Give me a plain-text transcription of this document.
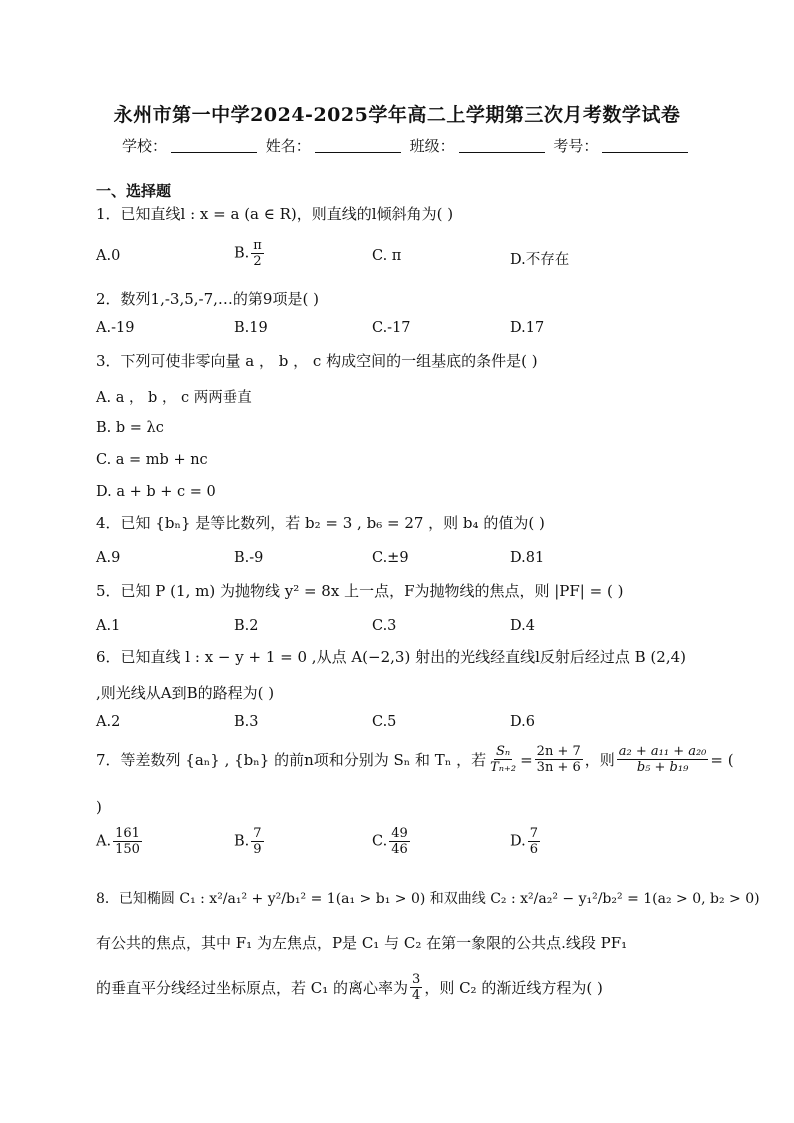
永州市第一中学2024-2025学年高二上学期第三次月考数学试卷
学校：	姓名：	班级：	考号：
一、选择题
1．已知直线l : x = a (a ∈ R)，则直线的l倾斜角为( )
A.0	B. $\frac{\pi}{2}$	C. π	D.不存在
2．数列1,-3,5,-7,…的第9项是( )
A.-19	B.19	C.-17	D.17
3．下列可使非零向量 a ， b ， c 构成空间的一组基底的条件是( )
A. a ， b ， c 两两垂直
B. b = λc
C. a = mb + nc
D. a + b + c = 0
4．已知 {bₙ} 是等比数列，若 b₂ = 3 , b₆ = 27 ，则 b₄ 的值为( )
A.9	B.-9	C.±9	D.81
5．已知 P (1, m) 为抛物线 y² = 8x 上一点，F为抛物线的焦点，则 |PF| = ( )
A.1	B.2	C.3	D.4
6．已知直线 l : x − y + 1 = 0 ,从点 A(−2,3) 射出的光线经直线l反射后经过点 B (2,4)
,则光线从A到B的路程为( )
A.2	B.3	C.5	D.6
7．等差数列 {aₙ} , {bₙ} 的前n项和分别为 Sₙ 和 Tₙ ，若 $\frac{\text{Sₙ}}{\text{Tₙ₊₂}} = \frac{2n + 7}{3n + 6}$ ，则 $\frac{\text{a₂ + a₁₁ + a₂₀}}{\text{b₅ + b₁₉}}$ = (
)
A. $\frac{161}{150}$	B. $\frac{7}{9}$	C. $\frac{49}{46}$	D. $\frac{7}{6}$
8．已知椭圆 C₁ : x²/a₁² + y²/b₁² = 1(a₁ > b₁ > 0) 和双曲线 C₂ : x²/a₂² − y₁²/b₂² = 1(a₂ > 0, b₂ > 0)
有公共的焦点，其中 F₁ 为左焦点，P是 C₁ 与 C₂ 在第一象限的公共点.线段 PF₁
的垂直平分线经过坐标原点，若 C₁ 的离心率为 $\frac{3}{4}$ ，则 C₂ 的渐近线方程为( )
